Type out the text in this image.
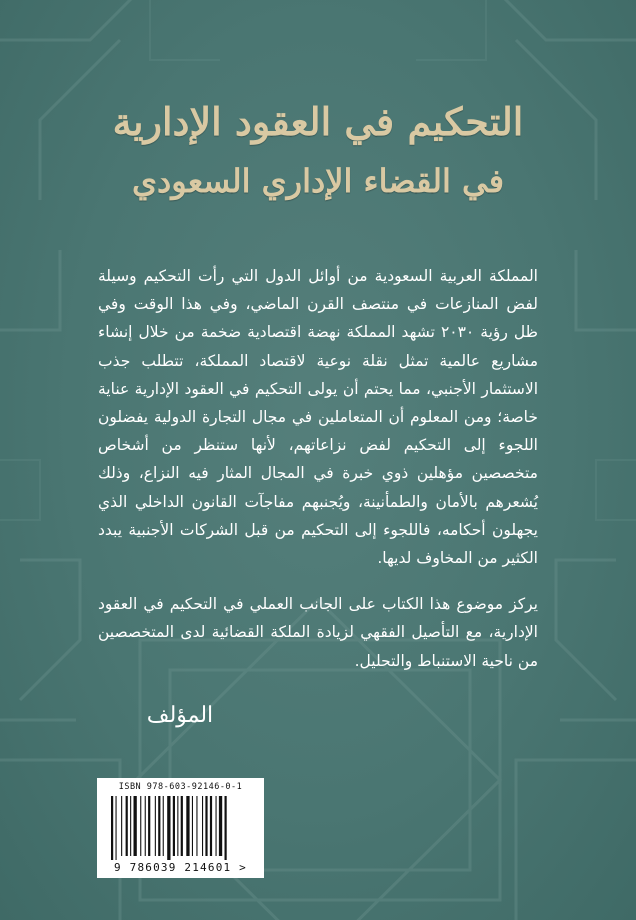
التحكيم في العقود الإدارية
في القضاء الإداري السعودي

المملكة العربية السعودية من أوائل الدول التي رأت التحكيم وسيلة لفض المنازعات في منتصف القرن الماضي، وفي هذا الوقت وفي ظل رؤية ٢٠٣٠ تشهد المملكة نهضة اقتصادية ضخمة من خلال إنشاء مشاريع عالمية تمثل نقلة نوعية لاقتصاد المملكة، تتطلب جذب الاستثمار الأجنبي، مما يحتم أن يولى التحكيم في العقود الإدارية عناية خاصة؛ ومن المعلوم أن المتعاملين في مجال التجارة الدولية يفضلون اللجوء إلى التحكيم لفض نزاعاتهم، لأنها ستنظر من أشخاص متخصصين مؤهلين ذوي خبرة في المجال المثار فيه النزاع، وذلك يُشعرهم بالأمان والطمأنينة، ويُجنبهم مفاجآت القانون الداخلي الذي يجهلون أحكامه، فاللجوء إلى التحكيم من قبل الشركات الأجنبية يبدد الكثير من المخاوف لديها.

يركز موضوع هذا الكتاب على الجانب العملي في التحكيم في العقود الإدارية، مع التأصيل الفقهي لزيادة الملكة القضائية لدى المتخصصين من ناحية الاستنباط والتحليل.

المؤلف
ISBN 978-603-92146-0-1
9 786039 214601 >
